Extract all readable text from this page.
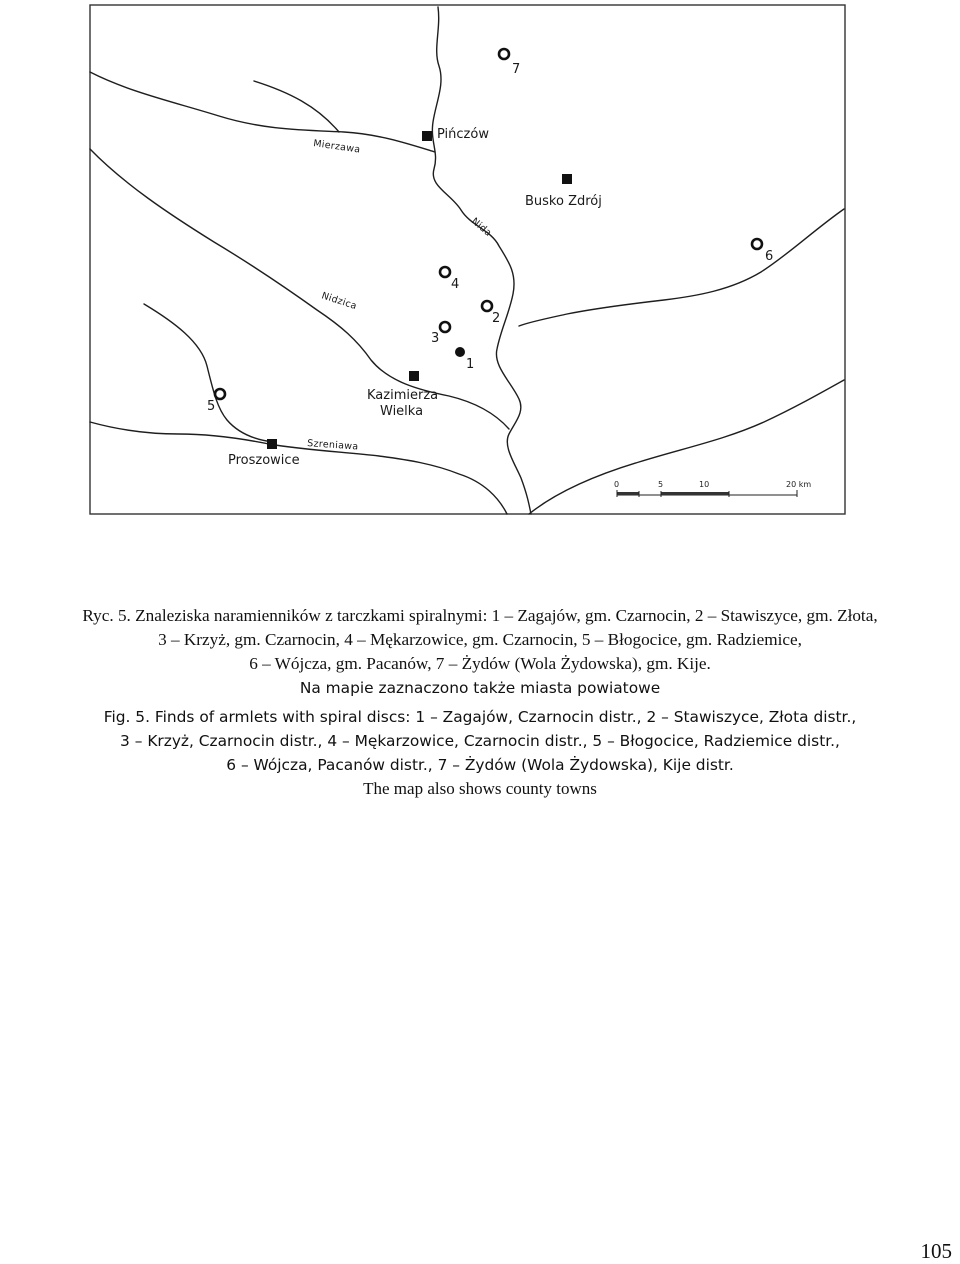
Mierzawa
Nida
Nidzica
Szreniawa
Pińczów
Busko Zdrój
Kazimierza
Wielka
Proszowice
7
6
4
2
3
1
5
0	5	10	20 km
Ryc. 5. Znaleziska naramienników z tarczkami spiralnymi: 1 – Zagajów, gm. Czarnocin, 2 – Stawiszyce, gm. Złota,
3 – Krzyż, gm. Czarnocin, 4 – Mękarzowice, gm. Czarnocin, 5 – Błogocice, gm. Radziemice,
6 – Wójcza, gm. Pacanów, 7 – Żydów (Wola Żydowska), gm. Kije.
Na mapie zaznaczono także miasta powiatowe
Fig. 5. Finds of armlets with spiral discs: 1 – Zagajów, Czarnocin distr., 2 – Stawiszyce, Złota distr.,
3 – Krzyż, Czarnocin distr., 4 – Mękarzowice, Czarnocin distr., 5 – Błogocice, Radziemice distr.,
6 – Wójcza, Pacanów distr., 7 – Żydów (Wola Żydowska), Kije distr.
The map also shows county towns
105
